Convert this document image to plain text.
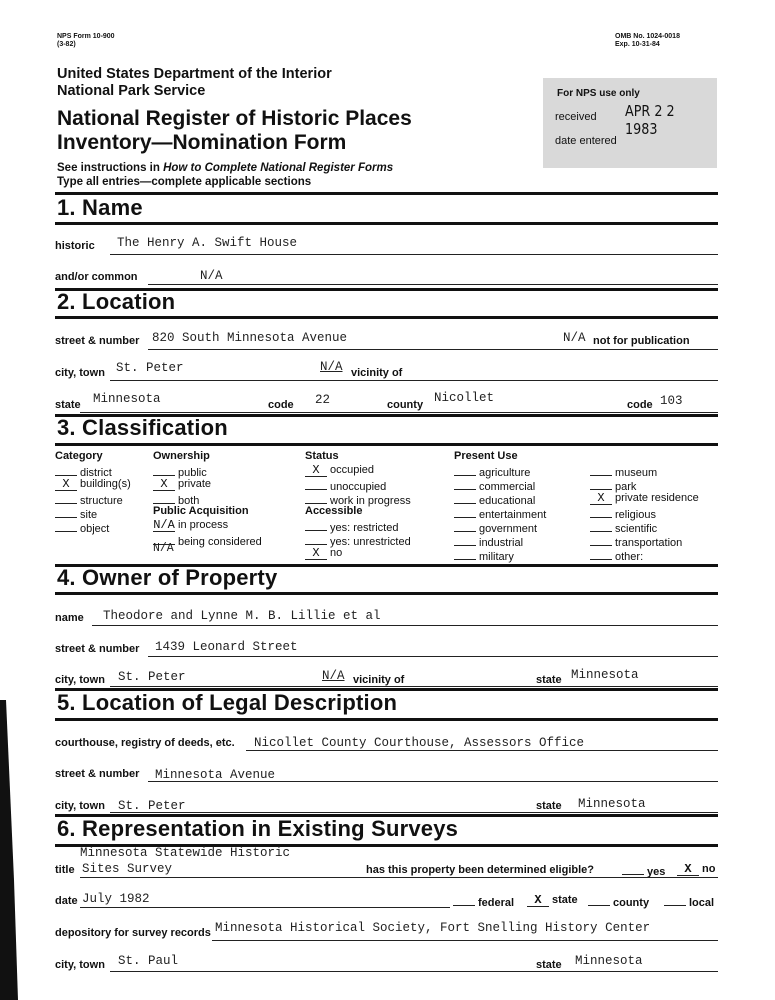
NPS Form 10-900
(3-82)
OMB No. 1024-0018
Exp. 10-31-84
United States Department of the Interior
National Park Service
National Register of Historic Places
Inventory—Nomination Form
See instructions in How to Complete National Register Forms
Type all entries—complete applicable sections
For NPS use only
received APR 2 2 1983
date entered
1. Name
historic The Henry A. Swift House
and/or common	N/A
2. Location
street & number 820 South Minnesota Avenue	N/A not for publication
city, town St. Peter	N/A vicinity of
state Minnesota	code 22	county Nicollet	code 103
3. Classification
Category
district
X building(s)
structure
site
object
Ownership
public
X private
both
Public Acquisition
N/A in process
being considered
N/A
Status
X occupied
unoccupied
work in progress
Accessible
yes: restricted
yes: unrestricted
X no
Present Use
agriculture
commercial
educational
entertainment
government
industrial
military
museum
park
X private residence
religious
scientific
transportation
other:
4. Owner of Property
name Theodore and Lynne M. B. Lillie et al
street & number 1439 Leonard Street
city, town St. Peter	N/A vicinity of	state Minnesota
5. Location of Legal Description
courthouse, registry of deeds, etc. Nicollet County Courthouse, Assessors Office
street & number Minnesota Avenue
city, town St. Peter	state Minnesota
6. Representation in Existing Surveys
Minnesota Statewide Historic
title Sites Survey	has this property been determined eligible?	yes	X no
date July 1982	federal	X state	county	local
depository for survey records Minnesota Historical Society, Fort Snelling History Center
city, town St. Paul	state Minnesota
